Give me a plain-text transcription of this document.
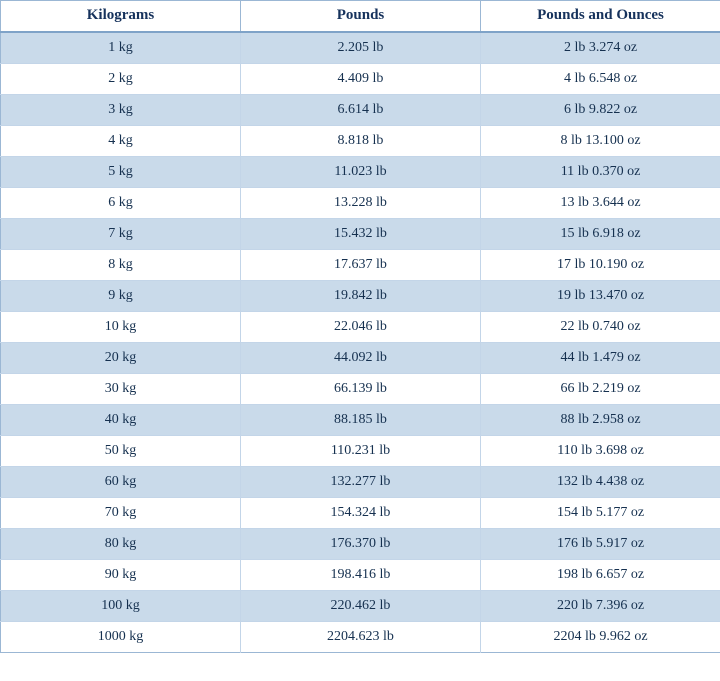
Kilograms	Pounds	Pounds and Ounces
1 kg	2.205 lb	2 lb 3.274 oz
2 kg	4.409 lb	4 lb 6.548 oz
3 kg	6.614 lb	6 lb 9.822 oz
4 kg	8.818 lb	8 lb 13.100 oz
5 kg	11.023 lb	11 lb 0.370 oz
6 kg	13.228 lb	13 lb 3.644 oz
7 kg	15.432 lb	15 lb 6.918 oz
8 kg	17.637 lb	17 lb 10.190 oz
9 kg	19.842 lb	19 lb 13.470 oz
10 kg	22.046 lb	22 lb 0.740 oz
20 kg	44.092 lb	44 lb 1.479 oz
30 kg	66.139 lb	66 lb 2.219 oz
40 kg	88.185 lb	88 lb 2.958 oz
50 kg	110.231 lb	110 lb 3.698 oz
60 kg	132.277 lb	132 lb 4.438 oz
70 kg	154.324 lb	154 lb 5.177 oz
80 kg	176.370 lb	176 lb 5.917 oz
90 kg	198.416 lb	198 lb 6.657 oz
100 kg	220.462 lb	220 lb 7.396 oz
1000 kg	2204.623 lb	2204 lb 9.962 oz
